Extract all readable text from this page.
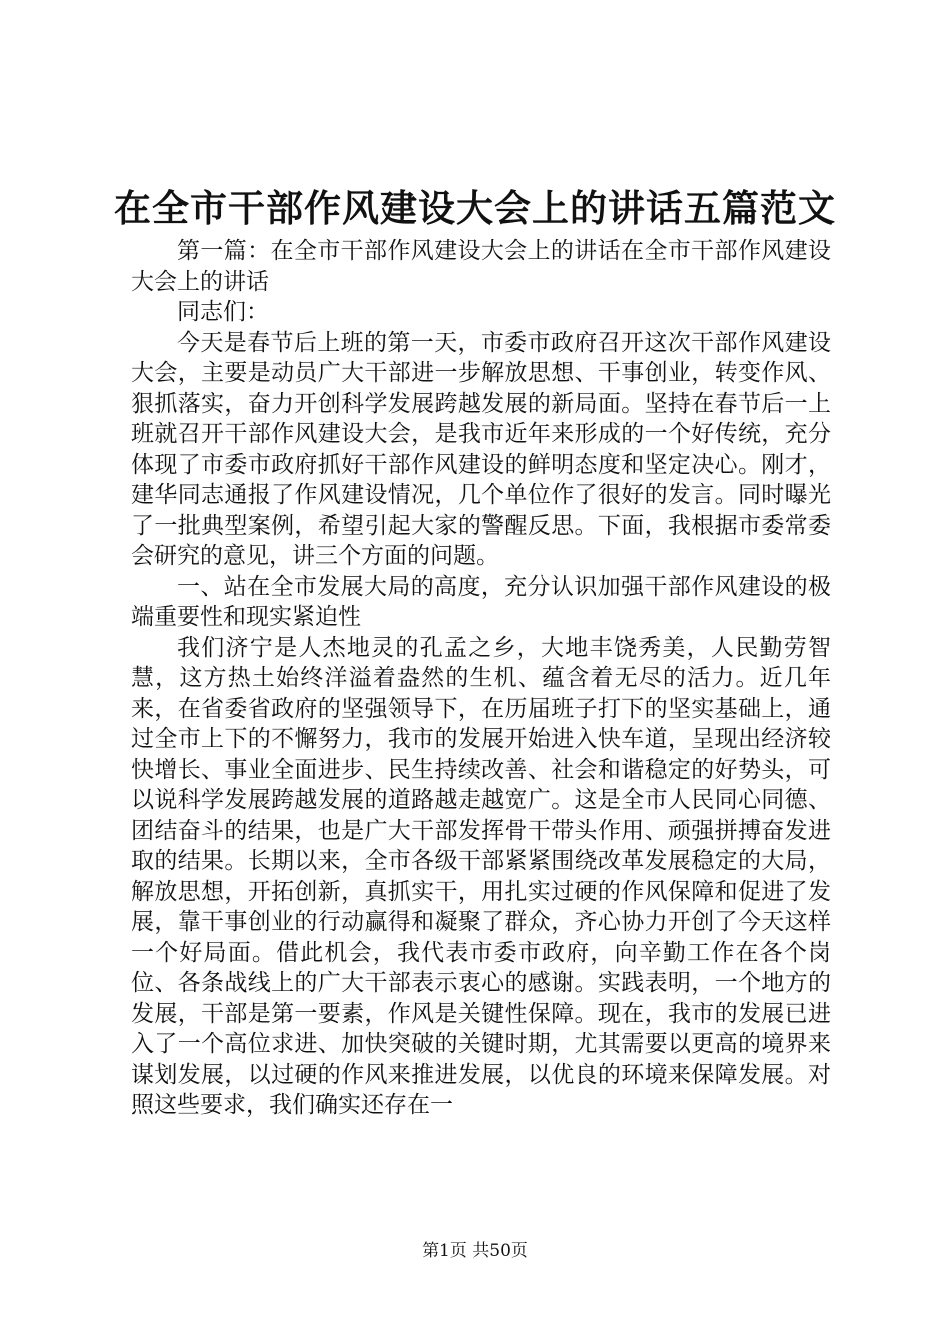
在全市干部作风建设大会上的讲话五篇范文

第一篇：在全市干部作风建设大会上的讲话在全市干部作风建设大会上的讲话

同志们：

今天是春节后上班的第一天，市委市政府召开这次干部作风建设大会，主要是动员广大干部进一步解放思想、干事创业，转变作风、狠抓落实，奋力开创科学发展跨越发展的新局面。坚持在春节后一上班就召开干部作风建设大会，是我市近年来形成的一个好传统，充分体现了市委市政府抓好干部作风建设的鲜明态度和坚定决心。刚才，建华同志通报了作风建设情况，几个单位作了很好的发言。同时曝光了一批典型案例，希望引起大家的警醒反思。下面，我根据市委常委会研究的意见，讲三个方面的问题。

一、站在全市发展大局的高度，充分认识加强干部作风建设的极端重要性和现实紧迫性

我们济宁是人杰地灵的孔孟之乡，大地丰饶秀美，人民勤劳智慧，这方热土始终洋溢着盎然的生机、蕴含着无尽的活力。近几年来，在省委省政府的坚强领导下，在历届班子打下的坚实基础上，通过全市上下的不懈努力，我市的发展开始进入快车道，呈现出经济较快增长、事业全面进步、民生持续改善、社会和谐稳定的好势头，可以说科学发展跨越发展的道路越走越宽广。这是全市人民同心同德、团结奋斗的结果，也是广大干部发挥骨干带头作用、顽强拼搏奋发进取的结果。长期以来，全市各级干部紧紧围绕改革发展稳定的大局，解放思想，开拓创新，真抓实干，用扎实过硬的作风保障和促进了发展，靠干事创业的行动赢得和凝聚了群众，齐心协力开创了今天这样一个好局面。借此机会，我代表市委市政府，向辛勤工作在各个岗位、各条战线上的广大干部表示衷心的感谢。实践表明，一个地方的发展，干部是第一要素，作风是关键性保障。现在，我市的发展已进入了一个高位求进、加快突破的关键时期，尤其需要以更高的境界来谋划发展，以过硬的作风来推进发展，以优良的环境来保障发展。对照这些要求，我们确实还存在一

第1页 共50页
